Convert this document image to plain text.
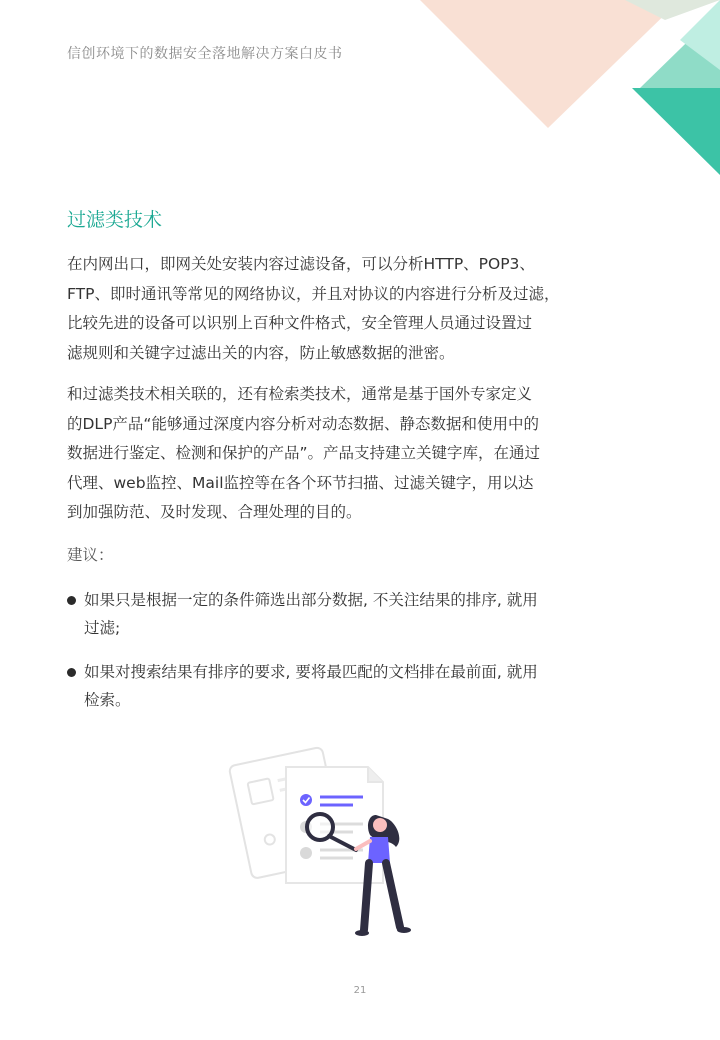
信创环境下的数据安全落地解决方案白皮书
过滤类技术
在内网出口，即网关处安装内容过滤设备，可以分析HTTP、POP3、
FTP、即时通讯等常见的网络协议，并且对协议的内容进行分析及过滤，
比较先进的设备可以识别上百种文件格式，安全管理人员通过设置过
滤规则和关键字过滤出关的内容，防止敏感数据的泄密。
和过滤类技术相关联的，还有检索类技术，通常是基于国外专家定义
的DLP产品“能够通过深度内容分析对动态数据、静态数据和使用中的
数据进行鉴定、检测和保护的产品”。产品支持建立关键字库，在通过
代理、web监控、Mail监控等在各个环节扫描、过滤关键字，用以达
到加强防范、及时发现、合理处理的目的。
建议：
如果只是根据一定的条件筛选出部分数据, 不关注结果的排序, 就用
过滤;
如果对搜索结果有排序的要求, 要将最匹配的文档排在最前面, 就用
检索。
21
